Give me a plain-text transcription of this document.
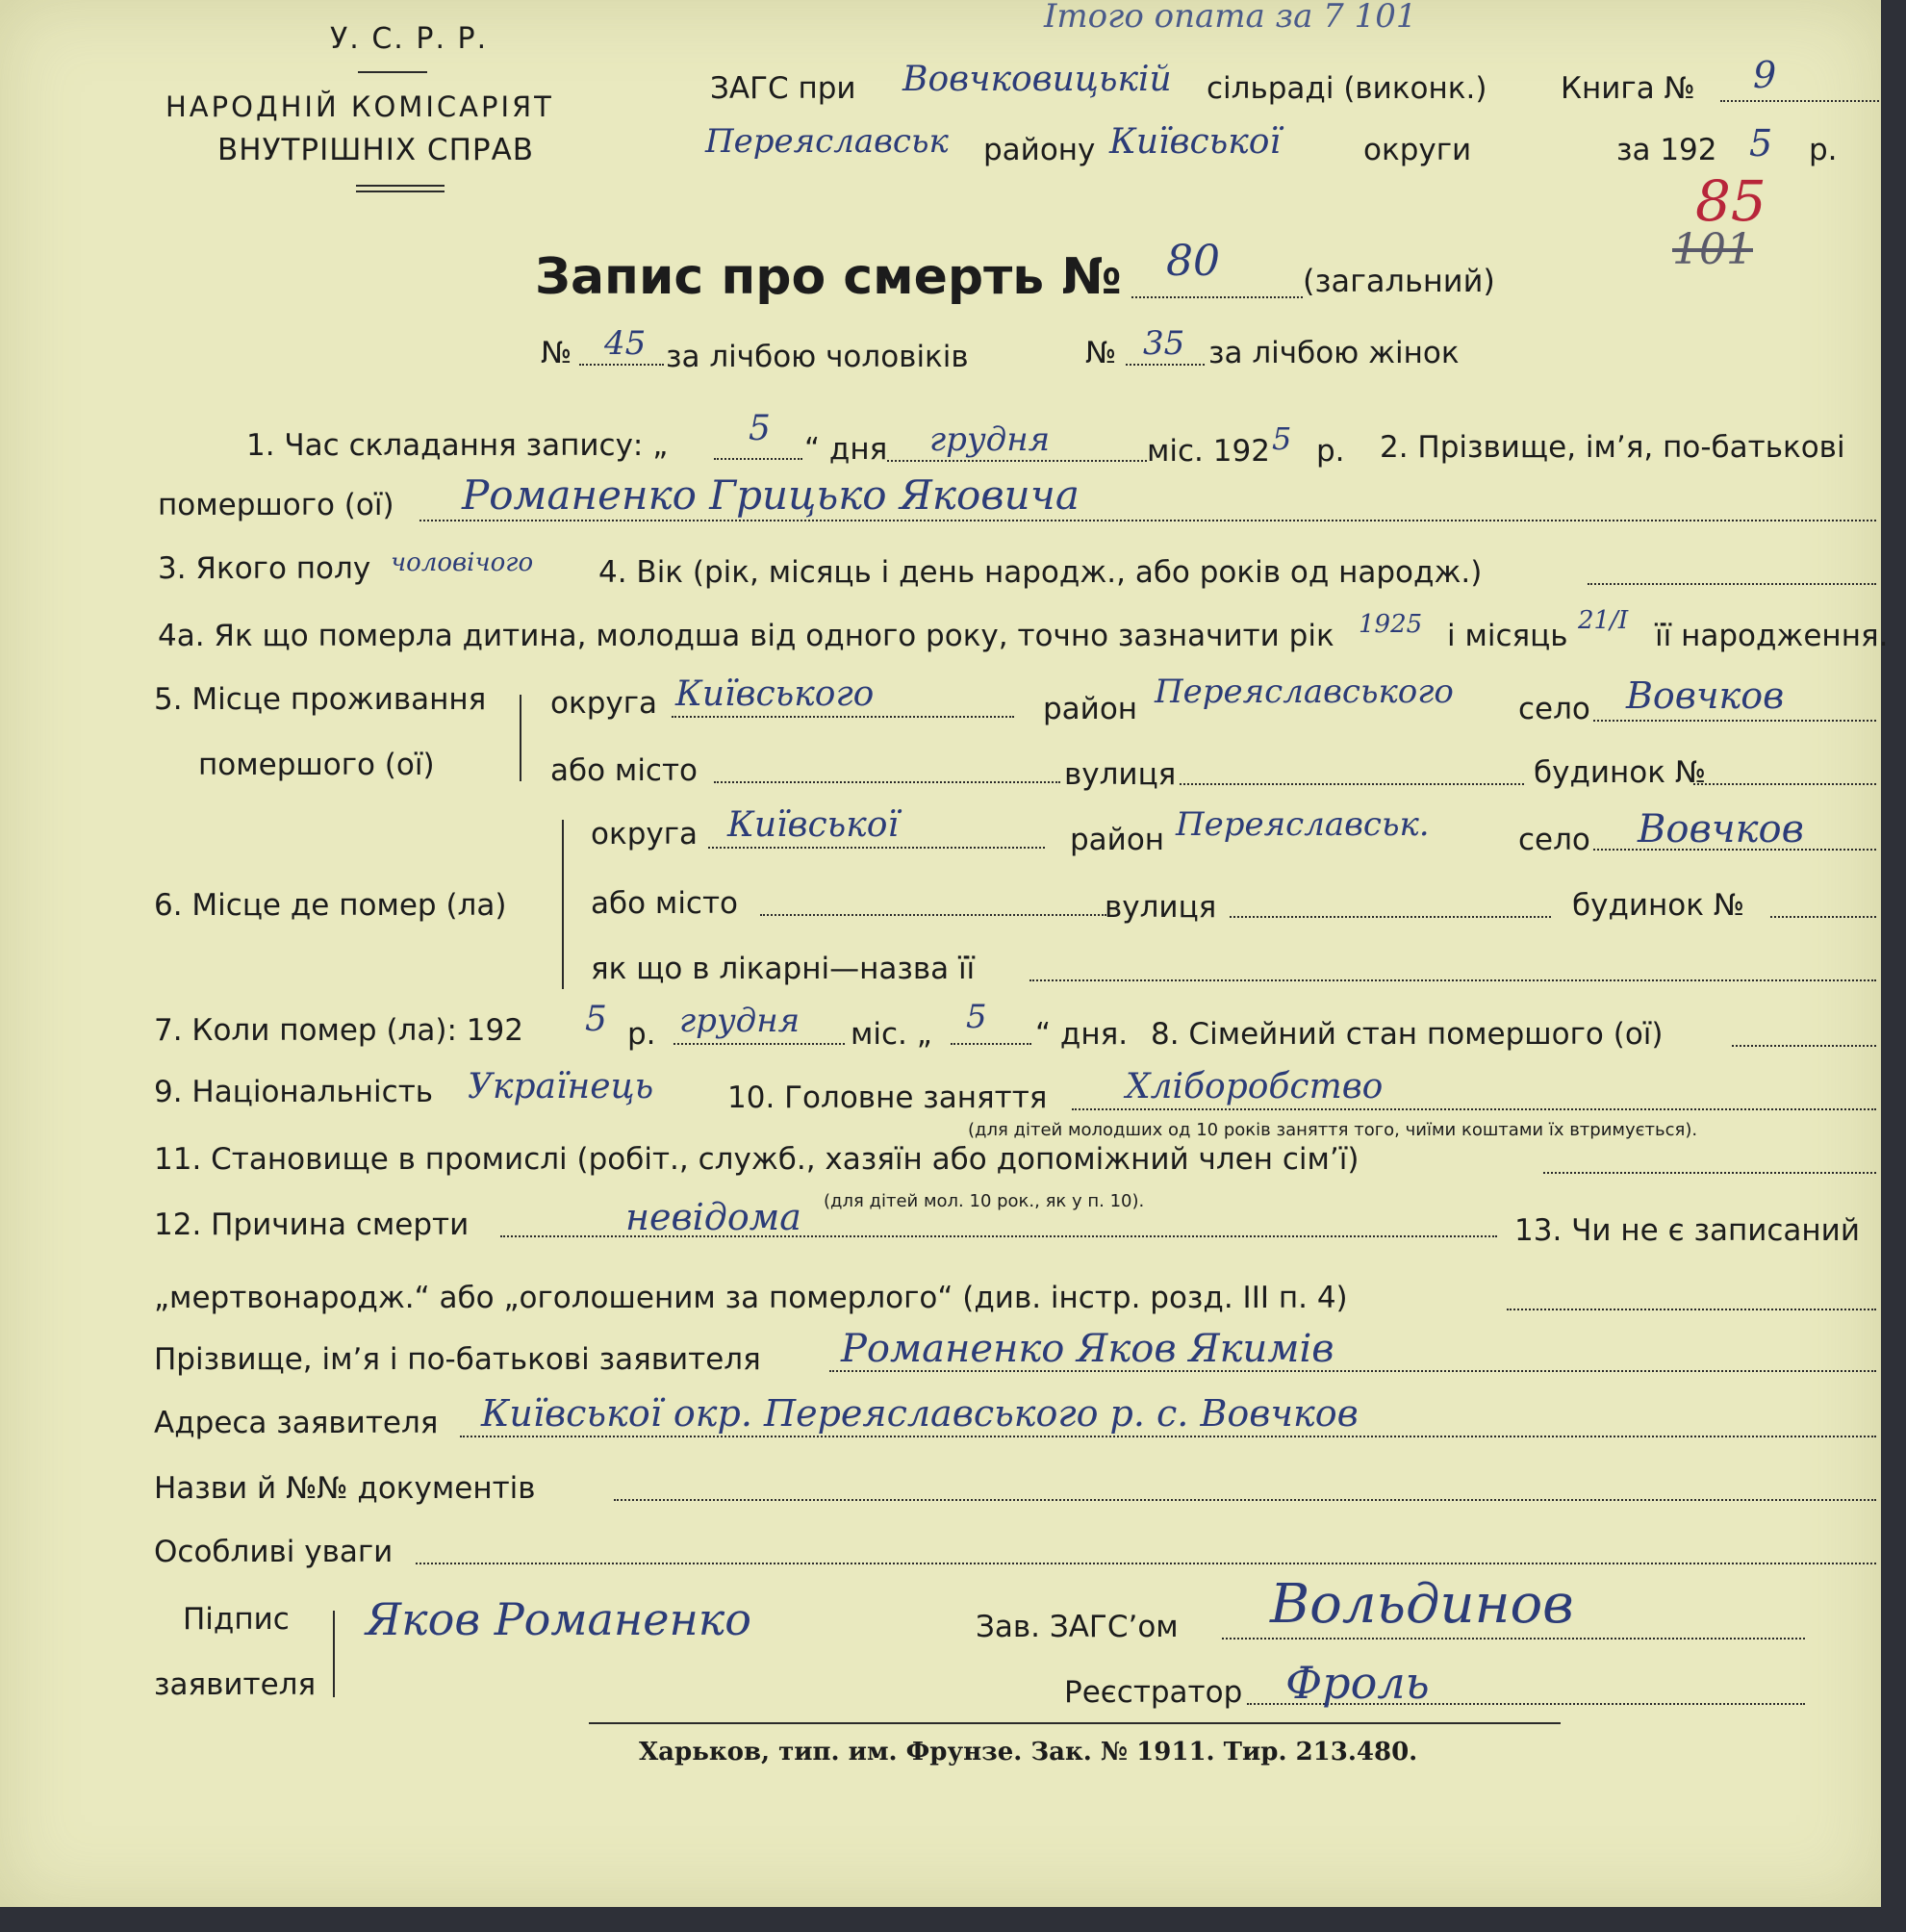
У. С. Р. Р.
НАРОДНІЙ КОМІСАРІЯТ
ВНУТРІШНІХ СПРАВ
Ітого опата за 7 101
ЗАГС при Вовчковицькій сільраді (виконк.) Книга № 9
Переяславськ району Київської	округи	за 192 5 р.
85
101
Запис про смерть № 80	(загальний)
№ 45 за лічбою чоловіків	№ 35 за лічбою жінок
1. Час складання запису: „ 5
“ дня грудня	міс. 192 5 р. 2. Прізвище, ім’я, по-батькові
помершого (ої) Романенко Грицько Яковича
3. Якого полу чоловічого 4. Вік (рік, місяць і день народж., або років од народж.)
4а. Як що померла дитина, молодша від одного року, точно зазначити рік 1925 і місяць 21/I її народження.
5. Місце проживання
помершого (ої)
округа Київського	район Переяславського село Вовчков
або місто	вулиця	будинок №
6. Місце де помер (ла)
округа Київської	район Переяславськ.	село Вовчков
або місто	вулиця	будинок №
як що в лікарні—назва її
7. Коли помер (ла): 192 5 р. грудня міс. „ 5 “ дня. 8. Сімейний стан помершого (ої)
9. Національність Українець 10. Головне заняття Хліборобство
(для дітей молодших од 10 років заняття того, чиїми коштами їх втримується).
11. Становище в промислі (робіт., служб., хазяїн або допоміжний член сім’ї)
(для дітей мол. 10 рок., як у п. 10).
12. Причина смерти	невідома	13. Чи не є записаний
„мертвонародж.“ або „оголошеним за померлого“ (див. інстр. розд. III п. 4)
Прізвище, ім’я і по-батькові заявителя Романенко Яков Якимів
Адреса заявителя Київської окр. Переяславського р. с. Вовчков
Назви й №№ документів
Особливі уваги
Підпис
заявителя
Яков Романенко	Зав. ЗАГС’ом Вольдинов
Реєстратор Фроль
Харьков, тип. им. Фрунзе. Зак. № 1911. Тир. 213.480.
